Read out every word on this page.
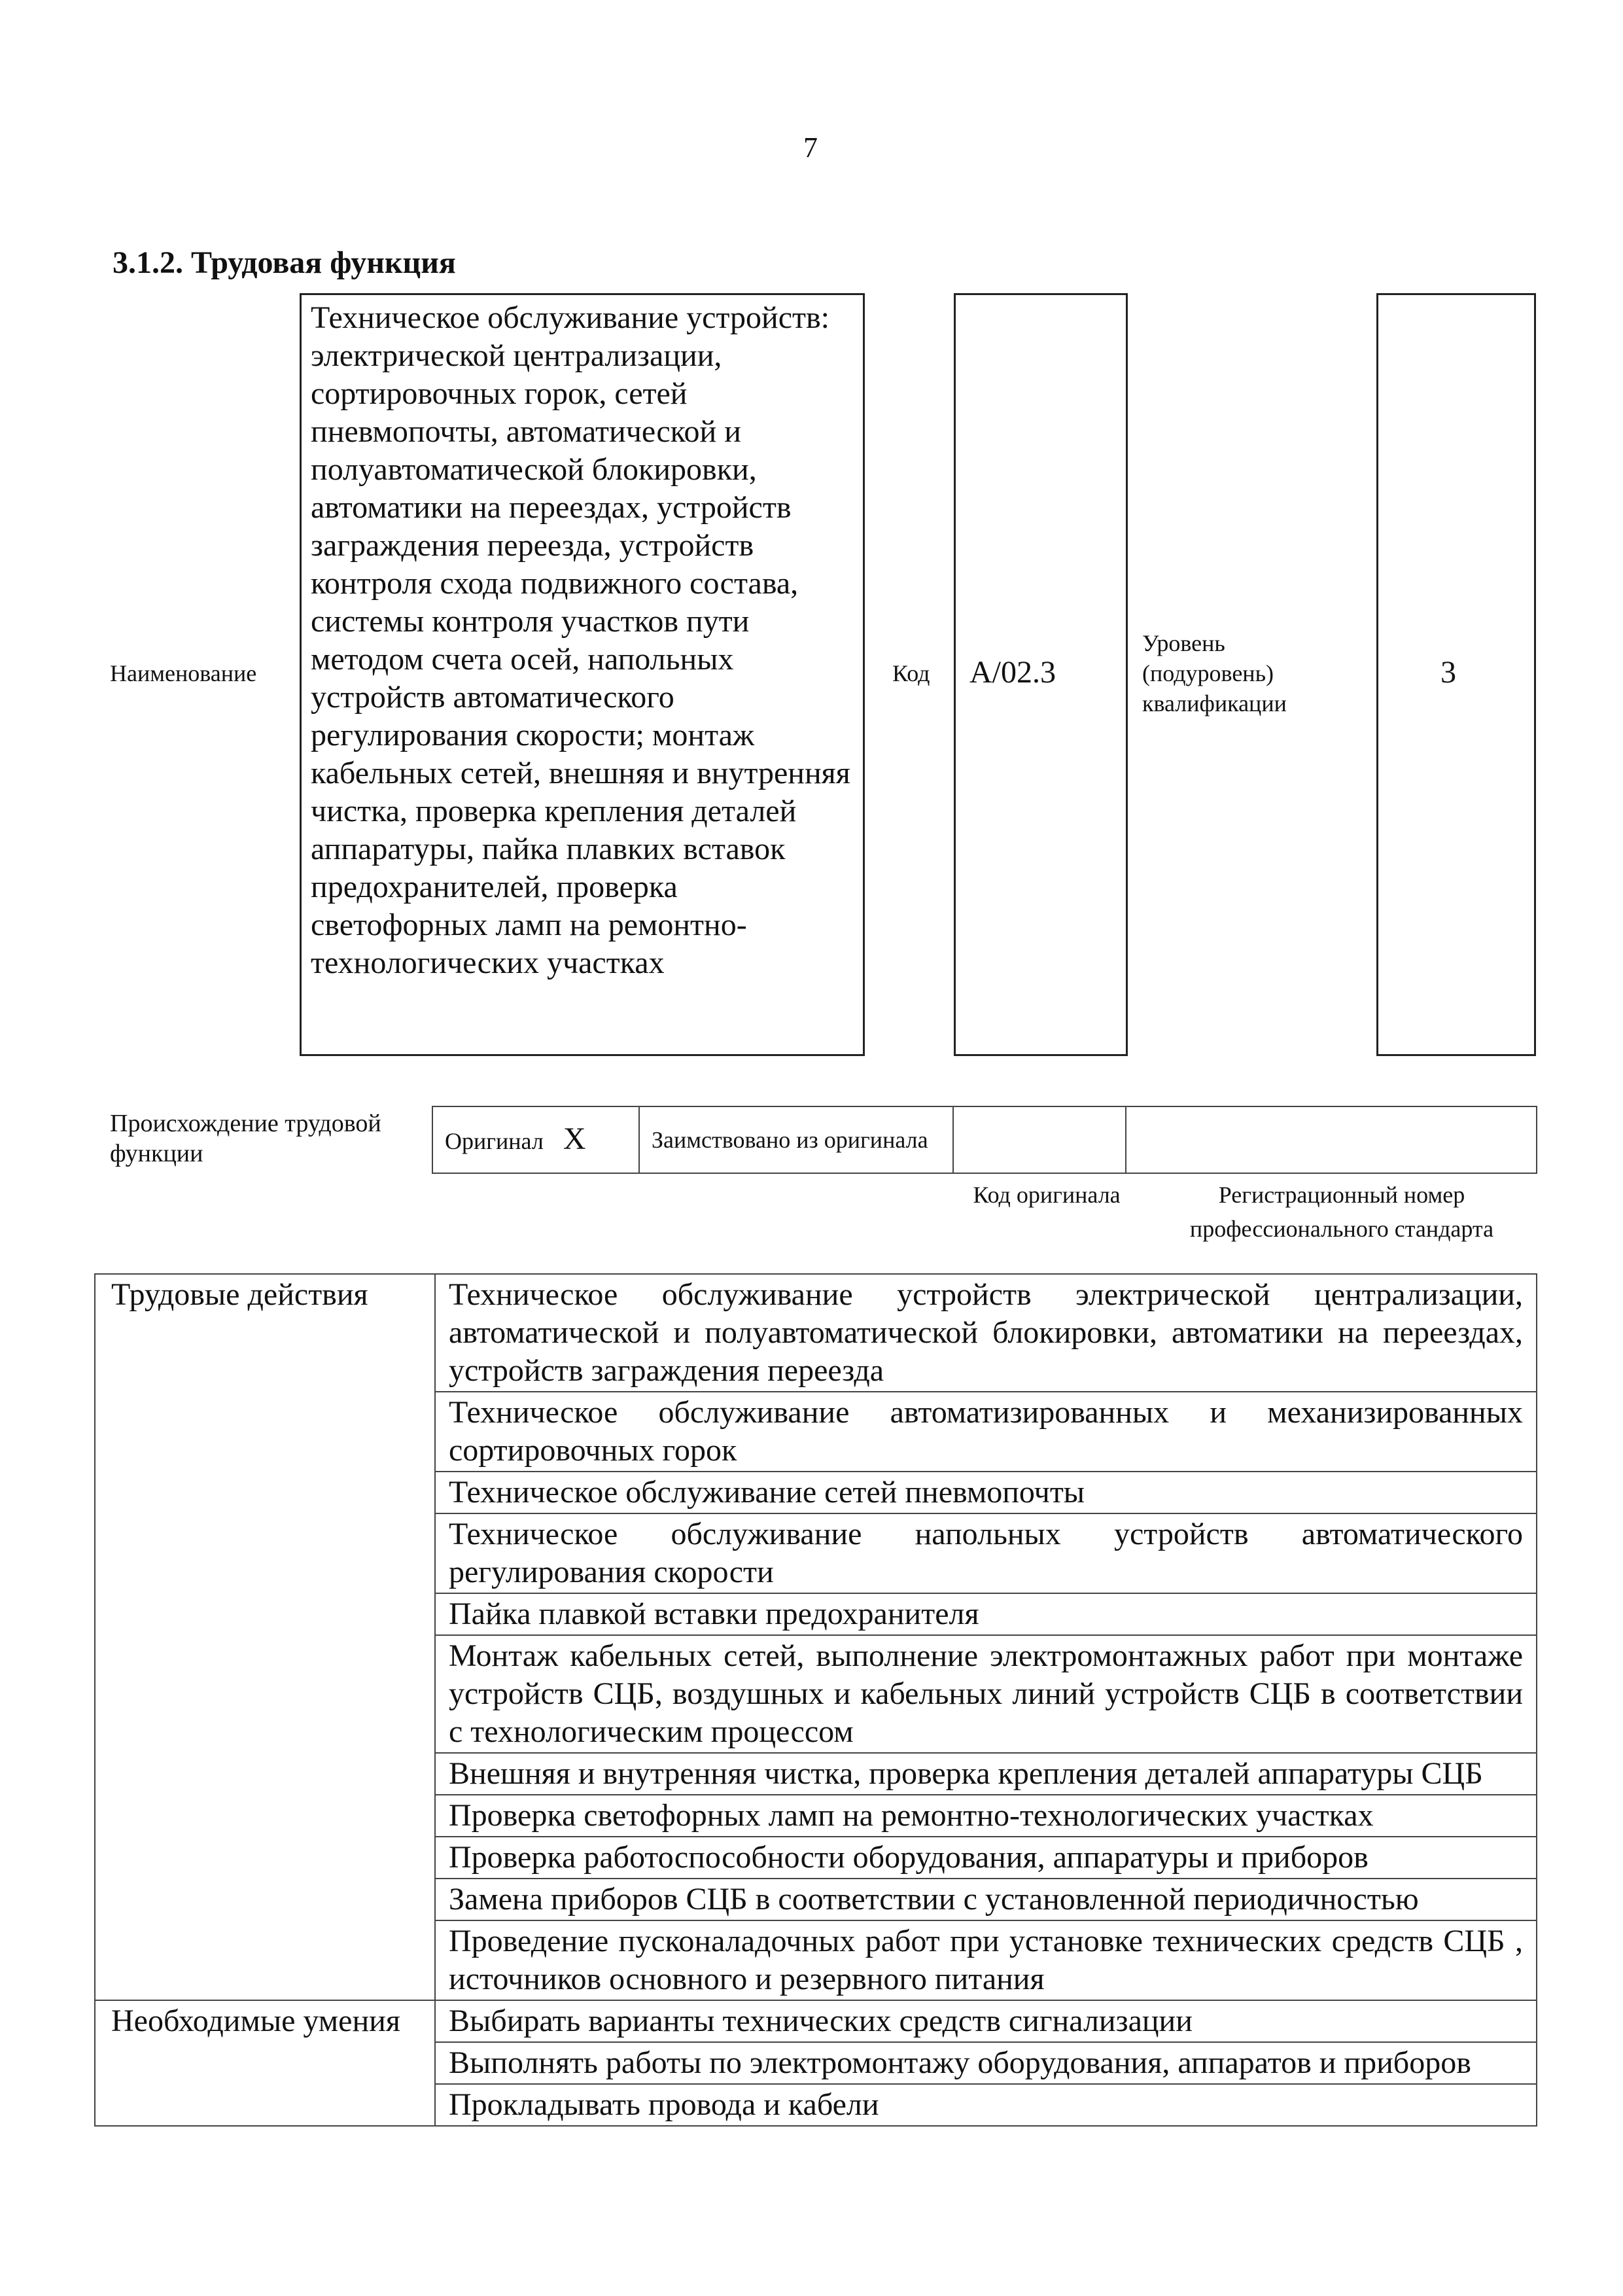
7
3.1.2. Трудовая функция
Наименование

Техническое обслуживание устройств: электрической централизации, сортировочных горок, сетей пневмопочты, автоматической и полуавтоматической блокировки, автоматики на переездах, устройств заграждения переезда, устройств контроля схода подвижного состава, системы контроля участков пути методом счета осей, напольных устройств автоматического регулирования скорости; монтаж кабельных сетей, внешняя и внутренняя чистка, проверка крепления деталей аппаратуры, пайка плавких вставок предохранителей, проверка светофорных ламп на ремонтно-технологических участках

Код A/02.3
Уровень (подуровень) квалификации
3
Происхождение трудовой функции	Оригинал X	Заимствовано из оригинала		
Код оригинала	Регистрационный номер профессионального стандарта
Трудовые действия	Техническое обслуживание устройств электрической централизации, автоматической и полуавтоматической блокировки, автоматики на переездах, устройств заграждения переезда
	Техническое обслуживание автоматизированных и механизированных сортировочных горок
	Техническое обслуживание сетей пневмопочты
	Техническое обслуживание напольных устройств автоматического регулирования скорости
	Пайка плавкой вставки предохранителя
	Монтаж кабельных сетей, выполнение электромонтажных работ при монтаже устройств СЦБ, воздушных и кабельных линий устройств СЦБ в соответствии с технологическим процессом
	Внешняя и внутренняя чистка, проверка крепления деталей аппаратуры СЦБ
	Проверка светофорных ламп на ремонтно-технологических участках
	Проверка работоспособности оборудования, аппаратуры и приборов
	Замена приборов СЦБ в соответствии с установленной периодичностью
	Проведение пусконаладочных работ при установке технических средств СЦБ , источников основного и резервного питания
Необходимые умения	Выбирать варианты технических средств сигнализации
	Выполнять работы по электромонтажу оборудования, аппаратов и приборов
	Прокладывать провода и кабели
